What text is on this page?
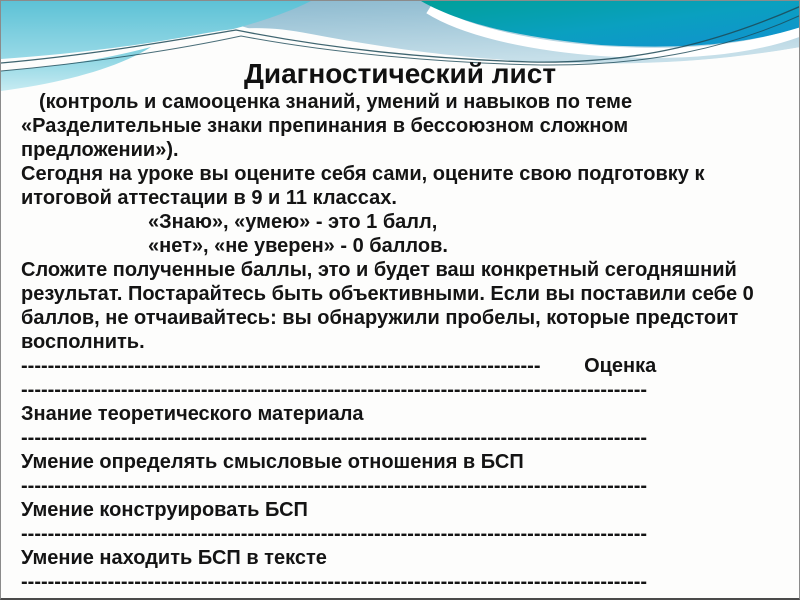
Диагностический лист
(контроль и самооценка знаний, умений и навыков по теме
«Разделительные знаки препинания в бессоюзном сложном
предложении»).
Сегодня на уроке вы оцените себя сами, оцените свою подготовку к
итоговой аттестации в 9 и 11 классах.
«Знаю», «умею» - это 1 балл,
«нет», «не уверен» - 0 баллов.
Сложите полученные баллы, это и будет ваш конкретный сегодняшний
результат. Постарайтесь быть объективными. Если вы поставили себе 0
баллов, не отчаивайтесь: вы обнаружили пробелы, которые предстоит
восполнить.
------------------------------------------------------------------------------ Оценка
----------------------------------------------------------------------------------------------
Знание теоретического материала
----------------------------------------------------------------------------------------------
Умение определять смысловые отношения в БСП
----------------------------------------------------------------------------------------------
Умение конструировать БСП
----------------------------------------------------------------------------------------------
Умение находить БСП в тексте
----------------------------------------------------------------------------------------------
